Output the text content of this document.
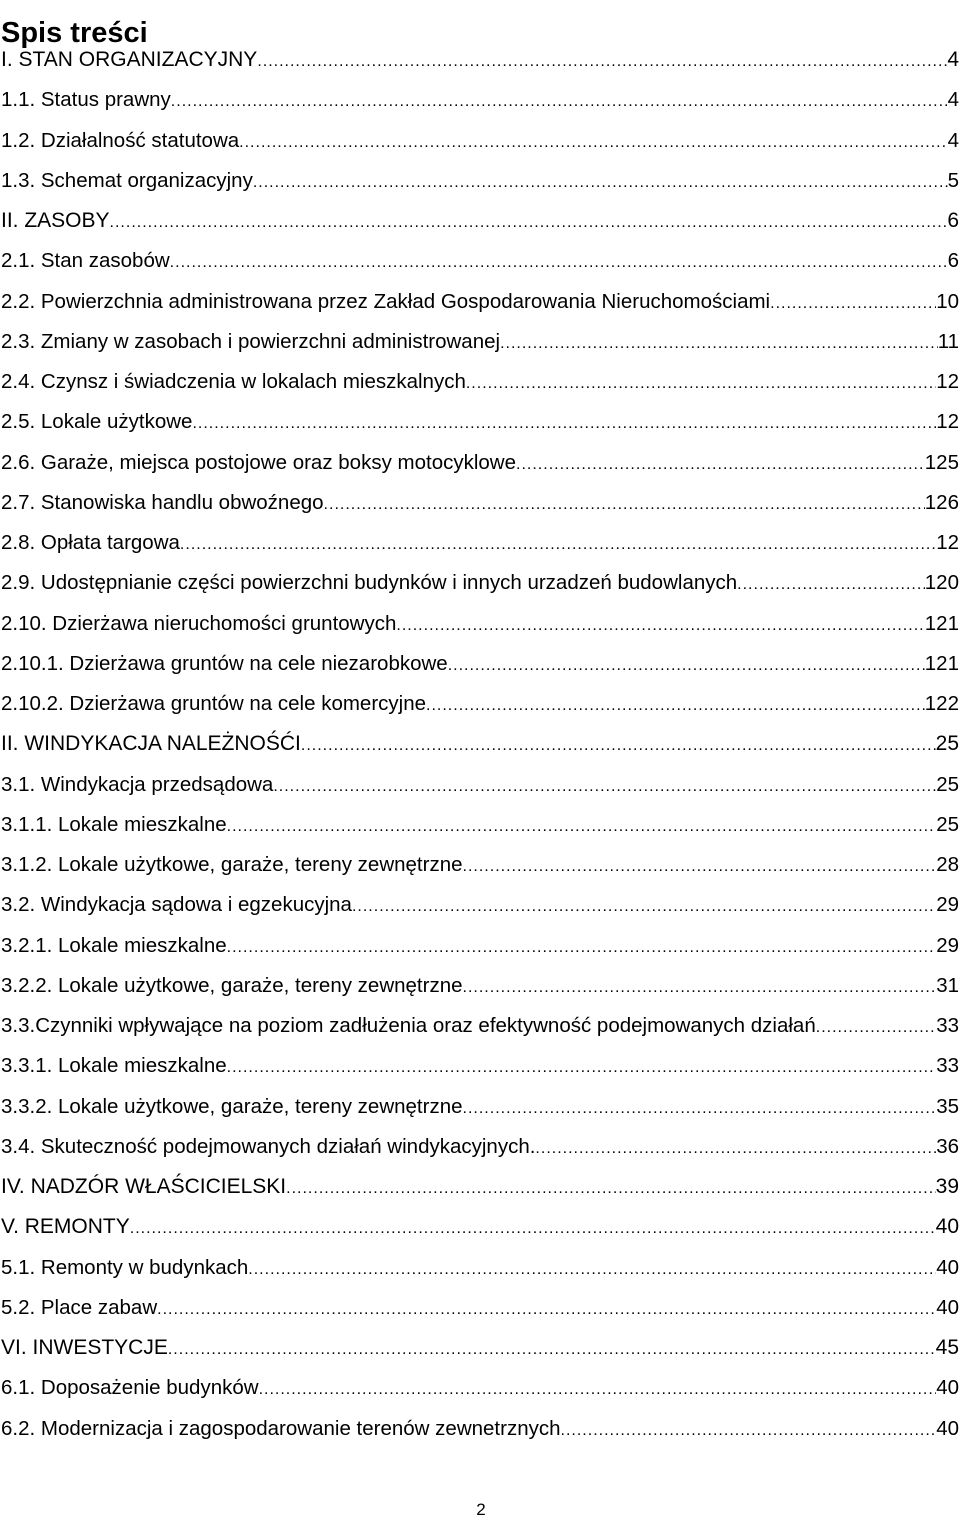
Spis treści
I. STAN ORGANIZACYJNY .....	4
1.1. Status prawny .....	4
1.2. Działalność statutowa .....	4
1.3. Schemat organizacyjny .....	5
II. ZASOBY .....	6
2.1. Stan zasobów .....	6
2.2. Powierzchnia administrowana przez Zakład Gospodarowania Nieruchomościami .....	10
2.3. Zmiany w zasobach i powierzchni administrowanej .....	11
2.4. Czynsz i świadczenia w lokalach mieszkalnych .....	12
2.5. Lokale użytkowe .....	12
2.6. Garaże, miejsca postojowe oraz boksy motocyklowe .....	125
2.7. Stanowiska handlu obwoźnego .....	126
2.8. Opłata targowa .....	12
2.9. Udostępnianie części powierzchni budynków i innych urzadzeń budowlanych .....	120
2.10. Dzierżawa nieruchomości gruntowych .....	121
2.10.1. Dzierżawa gruntów na cele niezarobkowe .....	121
2.10.2. Dzierżawa gruntów na cele komercyjne .....	122
II. WINDYKACJA NALEŻNOŚĆI .....	25
3.1. Windykacja przedsądowa .....	25
3.1.1. Lokale mieszkalne .....	25
3.1.2. Lokale użytkowe, garaże, tereny zewnętrzne .....	28
3.2. Windykacja sądowa i egzekucyjna .....	29
3.2.1. Lokale mieszkalne .....	29
3.2.2. Lokale użytkowe, garaże, tereny zewnętrzne .....	31
3.3.Czynniki wpływające na poziom zadłużenia oraz efektywność podejmowanych działań .....	33
3.3.1. Lokale mieszkalne .....	33
3.3.2. Lokale użytkowe, garaże, tereny zewnętrzne .....	35
3.4. Skuteczność podejmowanych działań windykacyjnych. .....	36
IV. NADZÓR WŁAŚCICIELSKI .....	39
V. REMONTY .....	40
5.1. Remonty w budynkach .....	40
5.2. Place zabaw .....	40
VI. INWESTYCJE .....	45
6.1. Doposażenie budynków .....	40
6.2. Modernizacja i zagospodarowanie terenów zewnetrznych .....	40
2
